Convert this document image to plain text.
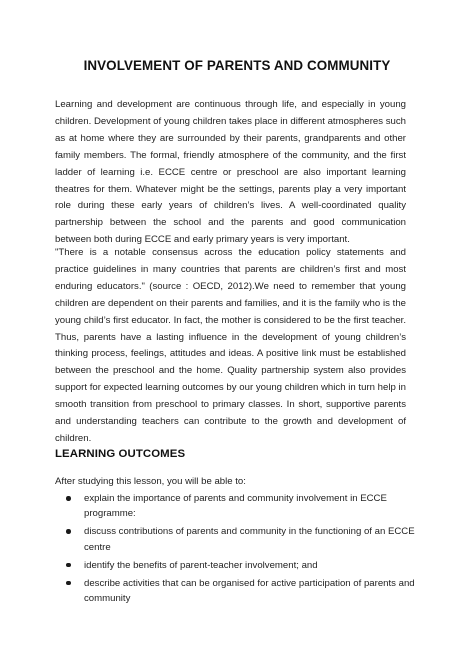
INVOLVEMENT OF PARENTS AND COMMUNITY

Learning and development are continuous through life, and especially in young children. Development of young children takes place in different atmospheres such as at home where they are surrounded by their parents, grandparents and other family members. The formal, friendly atmosphere of the community, and the first ladder of learning i.e. ECCE centre or preschool are also important learning theatres for them. Whatever might be the settings, parents play a very important role during these early years of children’s lives. A well-coordinated quality partnership between the school and the parents and good communication between both during ECCE and early primary years is very important.

"There is a notable consensus across the education policy statements and practice guidelines in many countries that parents are children’s first and most enduring educators." (source : OECD, 2012).We need to remember that young children are dependent on their parents and families, and it is the family who is the young child’s first educator. In fact, the mother is considered to be the first teacher. Thus, parents have a lasting influence in the development of young children’s thinking process, feelings, attitudes and ideas. A positive link must be established between the preschool and the home. Quality partnership system also provides support for expected learning outcomes by our young children which in turn help in smooth transition from preschool to primary classes. In short, supportive parents and understanding teachers can contribute to the growth and development of children.

LEARNING OUTCOMES

After studying this lesson, you will be able to:

explain the importance of parents and community involvement in ECCE programme:
discuss contributions of parents and community in the functioning of an ECCE centre
identify the benefits of parent-teacher involvement; and
describe activities that can be organised for active participation of parents and community
